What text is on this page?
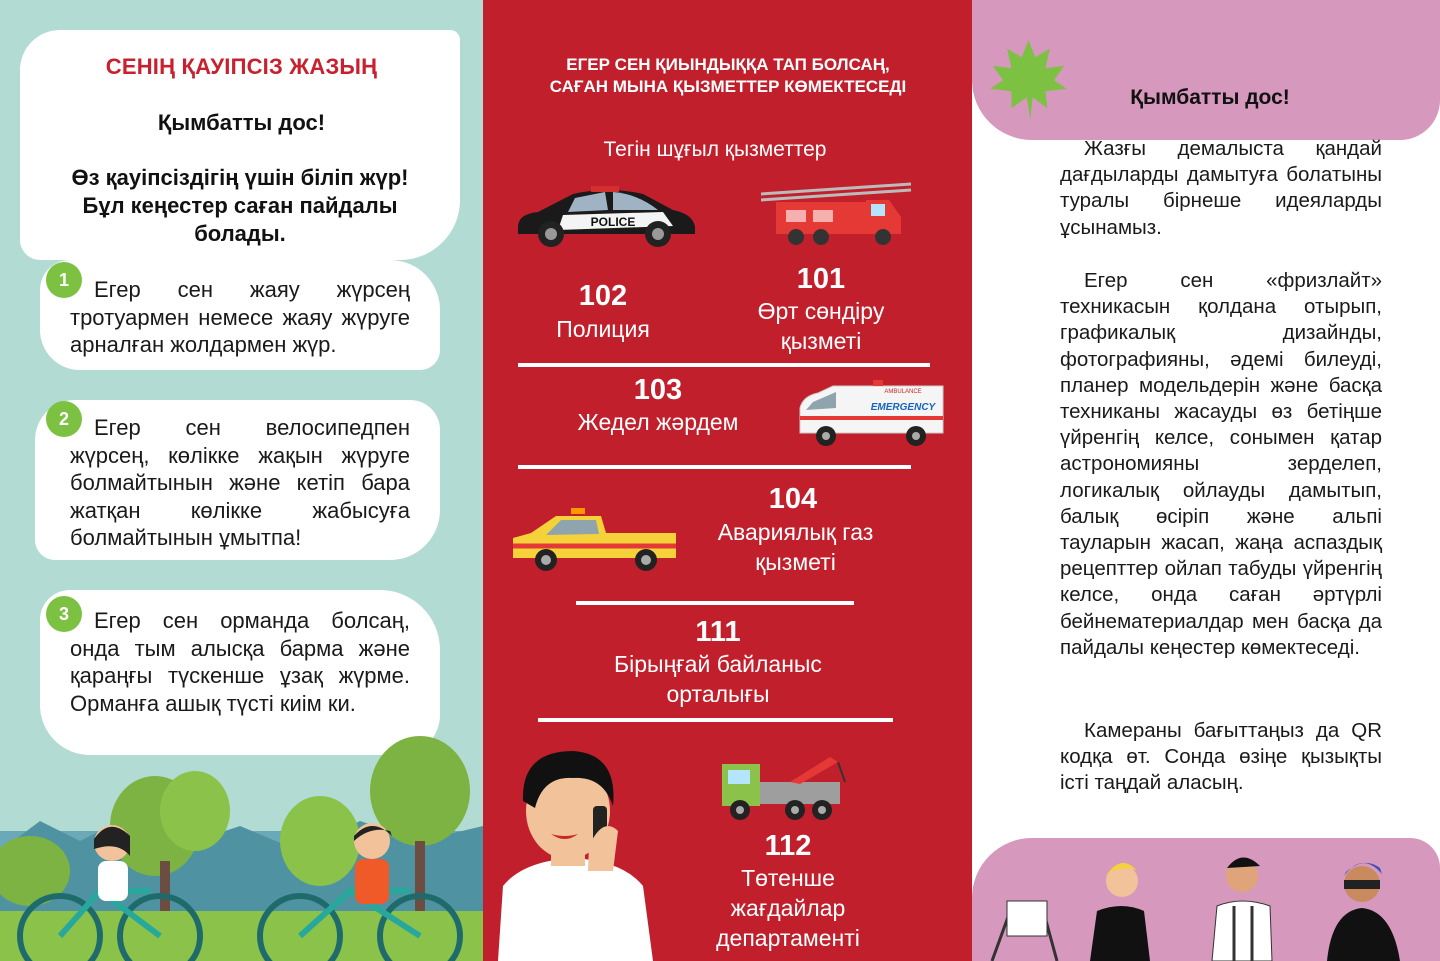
СЕНІҢ ҚАУІПСІЗ ЖАЗЫҢ
Қымбатты дос!
Өз қауіпсіздігің үшін біліп жүр! Бұл кеңестер саған пайдалы болады.
1	Егер сен жаяу жүрсең тротуармен немесе жаяу жүруге арналған жолдармен жүр.
2	Егер сен велосипедпен жүрсең, көлікке жақын жүруге болмайтынын және кетіп бара жатқан көлікке жабысуға болмайтынын ұмытпа!
3	Егер сен орманда болсаң, онда тым алысқа барма және қараңғы түскенше ұзақ жүрме. Орманға ашық түсті киім ки.
ЕГЕР СЕН ҚИЫНДЫҚҚА ТАП БОЛСАҢ, САҒАН МЫНА ҚЫЗМЕТТЕР КӨМЕКТЕСЕДІ
Тегін шұғыл қызметтер
POLICE
102
Полиция
101
Өрт сөндіру қызметі
103
Жедел жәрдем
AMBULANCE
EMERGENCY
104
Авариялық газ қызметі
111
Бірыңғай байланыс орталығы
112
Төтенше жағдайлар департаменті
Қымбатты дос!
Жазғы демалыста қандай дағдыларды дамытуға болатыны туралы бірнеше идеяларды ұсынамыз.
Егер сен «фризлайт» техникасын қолдана отырып, графикалық дизайнды, фотографияны, әдемі билеуді, планер модельдерін және басқа техниканы жасауды өз бетіңше үйренгің келсе, сонымен қатар астрономияны зерделеп, логикалық ойлауды дамытып, балық өсіріп және альпі тауларын жасап, жаңа аспаздық рецепттер ойлап табуды үйренгің келсе, онда саған әртүрлі бейнематериалдар мен басқа да пайдалы кеңестер көмектеседі.
Камераны бағыттаңыз да QR кодқа өт. Сонда өзіңе қызықты істі таңдай аласың.
